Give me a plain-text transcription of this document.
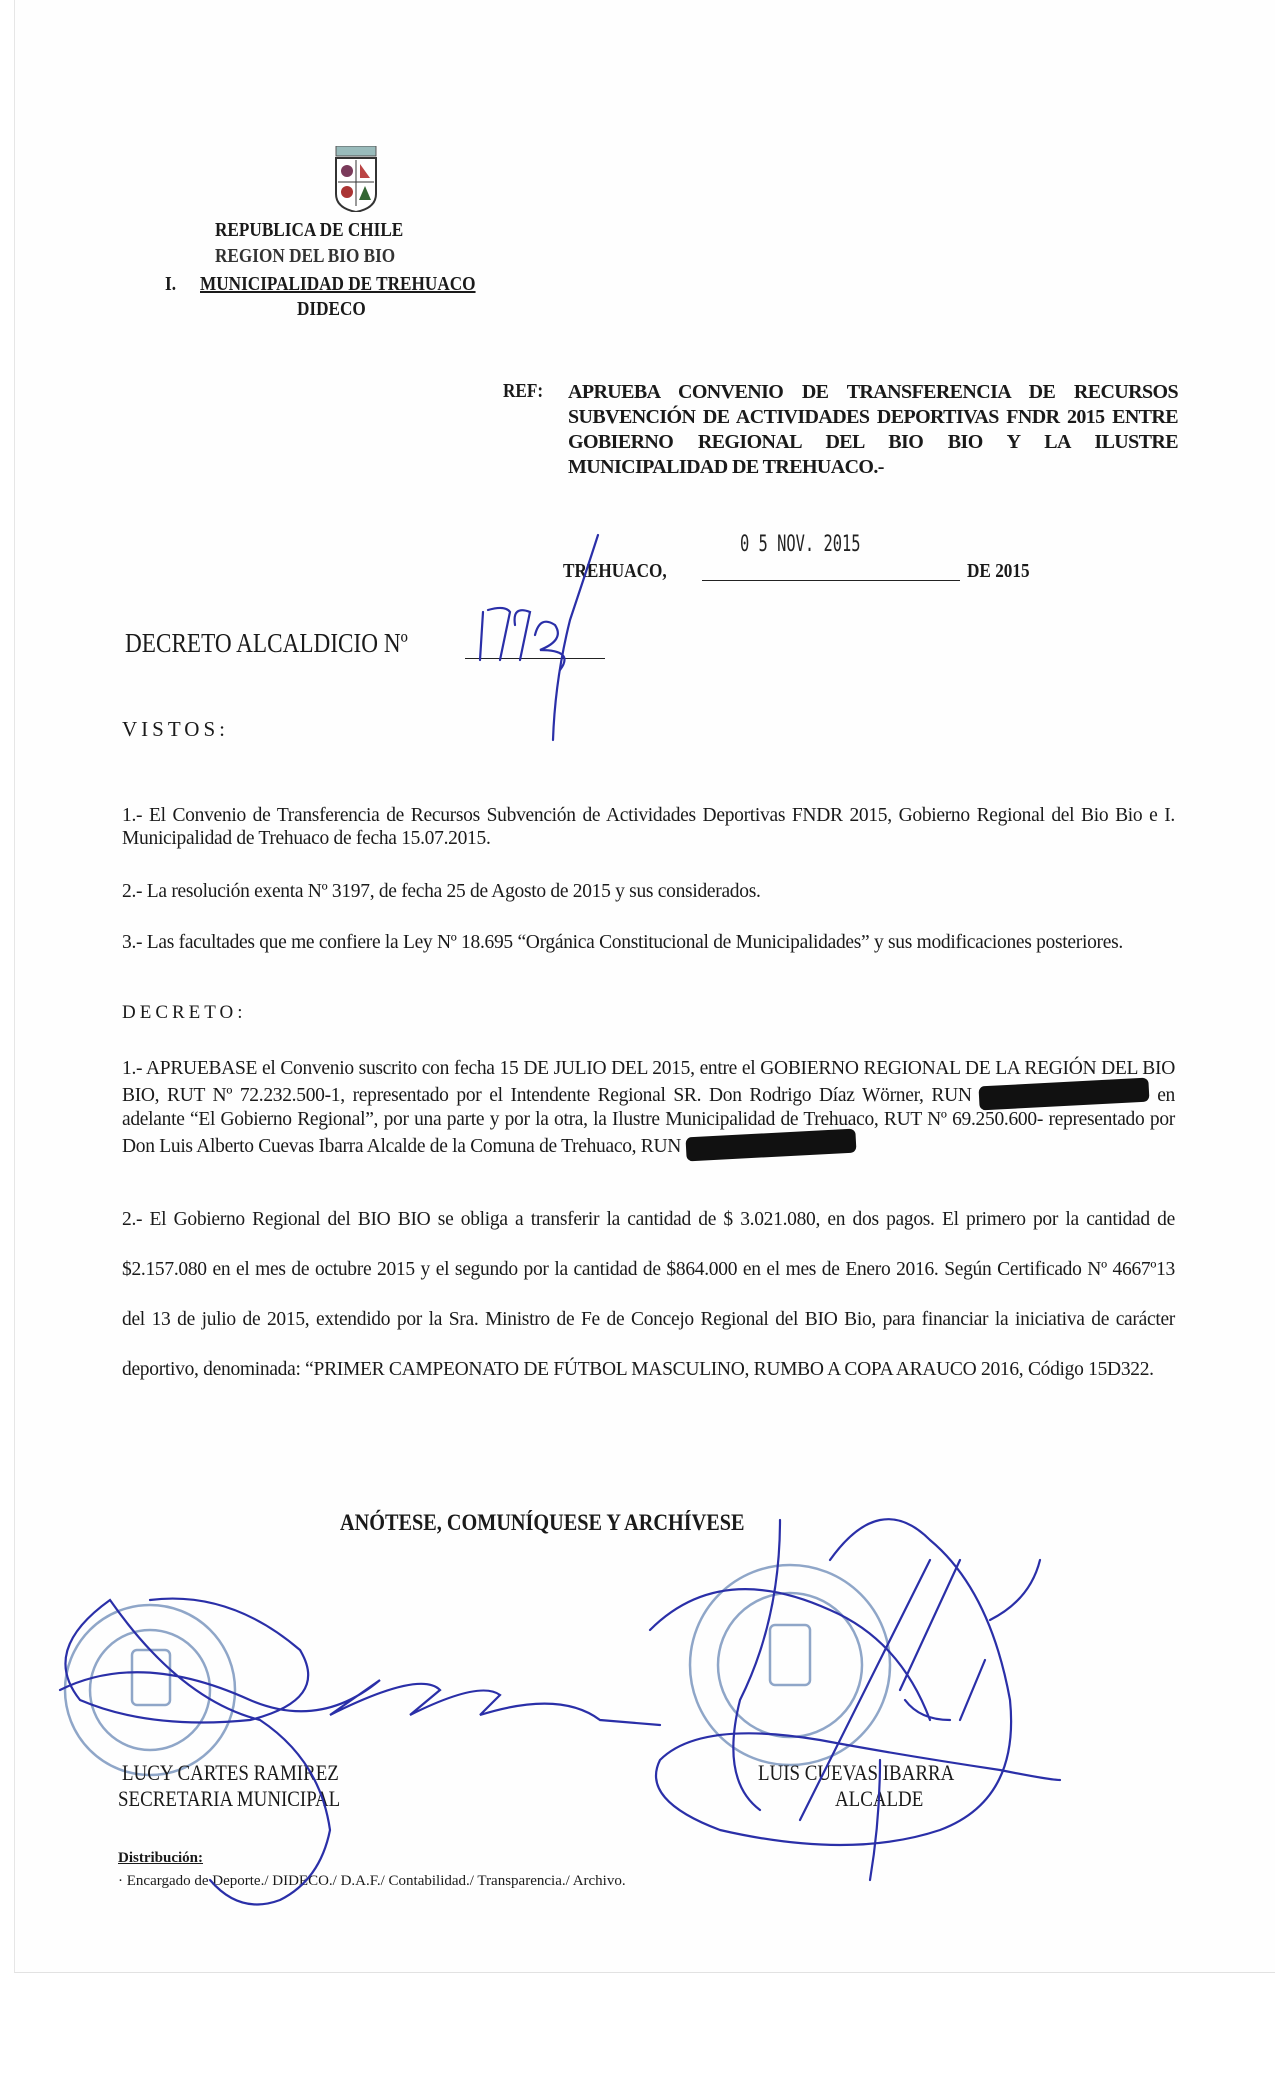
REPUBLICA DE CHILE
REGION DEL BIO BIO
I. MUNICIPALIDAD DE TREHUACO
DIDECO
REF: APRUEBA CONVENIO DE TRANSFERENCIA DE RECURSOS SUBVENCIÓN DE ACTIVIDADES DEPORTIVAS FNDR 2015 ENTRE GOBIERNO REGIONAL DEL BIO BIO Y LA ILUSTRE MUNICIPALIDAD DE TREHUACO.-
0 5 NOV. 2015
TREHUACO,	DE 2015
DECRETO ALCALDICIO Nº
VISTOS:
1.- El Convenio de Transferencia de Recursos Subvención de Actividades Deportivas FNDR 2015, Gobierno Regional del Bio Bio e I. Municipalidad de Trehuaco de fecha 15.07.2015.
2.- La resolución exenta Nº 3197, de fecha 25 de Agosto de 2015 y sus considerados.
3.- Las facultades que me confiere la Ley Nº 18.695 “Orgánica Constitucional de Municipalidades” y sus modificaciones posteriores.
DECRETO:
1.- APRUEBASE el Convenio suscrito con fecha 15 DE JULIO DEL 2015, entre el GOBIERNO REGIONAL DE LA REGIÓN DEL BIO BIO, RUT Nº 72.232.500-1, representado por el Intendente Regional SR. Don Rodrigo Díaz Wörner, RUN	en adelante “El Gobierno Regional”, por una parte y por la otra, la Ilustre Municipalidad de Trehuaco, RUT Nº 69.250.600- representado por Don Luis Alberto Cuevas Ibarra Alcalde de la Comuna de Trehuaco, RUN
2.- El Gobierno Regional del BIO BIO se obliga a transferir la cantidad de $ 3.021.080, en dos pagos. El primero por la cantidad de $2.157.080 en el mes de octubre 2015 y el segundo por la cantidad de $864.000 en el mes de Enero 2016. Según Certificado Nº 4667º13 del 13 de julio de 2015, extendido por la Sra. Ministro de Fe de Concejo Regional del BIO Bio, para financiar la iniciativa de carácter deportivo, denominada: “PRIMER CAMPEONATO DE FÚTBOL MASCULINO, RUMBO A COPA ARAUCO 2016, Código 15D322.
ANÓTESE, COMUNÍQUESE Y ARCHÍVESE
LUCY CARTES RAMIREZ
SECRETARIA MUNICIPAL
LUIS CUEVAS IBARRA
ALCALDE
Distribución:
· Encargado de Deporte./ DIDECO./ D.A.F./ Contabilidad./ Transparencia./ Archivo.
